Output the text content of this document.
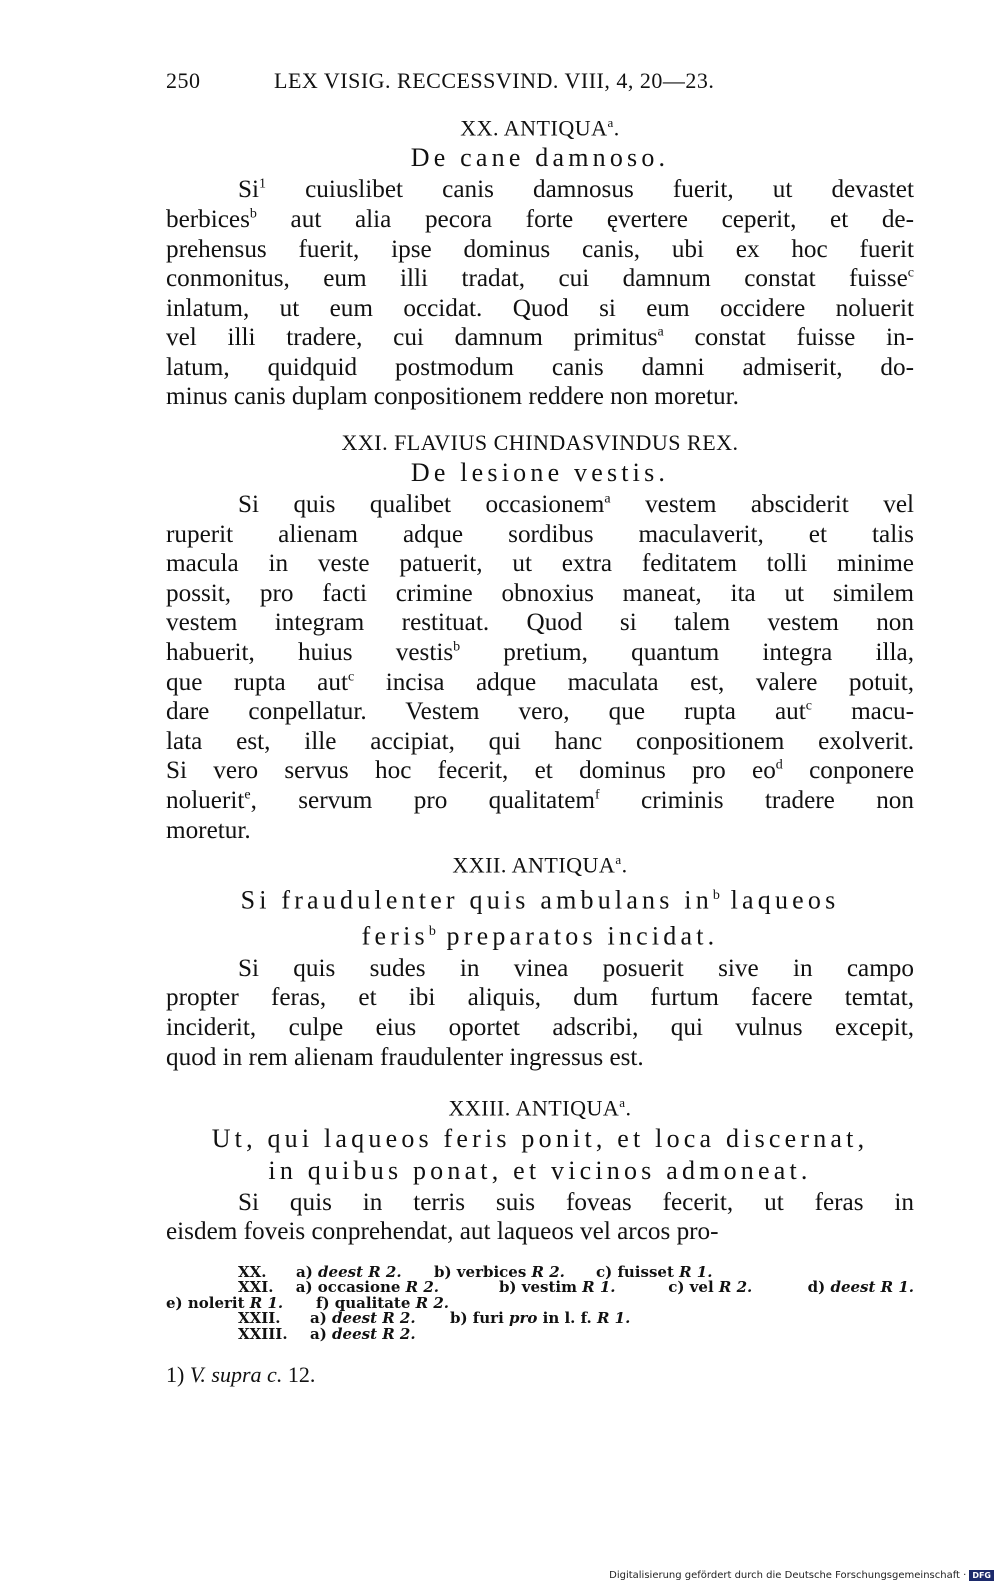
250	LEX VISIG. RECCESSVIND. VIII, 4, 20—23.
XX. ANTIQUA$^a$.
De cane damnoso.
Si$^1$ cuiuslibet canis damnosus fuerit, ut devastet
berbices$^b$ aut alia pecora forte ęvertere ceperit, et de-
prehensus fuerit, ipse dominus canis, ubi ex hoc fuerit
conmonitus, eum illi tradat, cui damnum constat fuisse$^c$
inlatum, ut eum occidat. Quod si eum occidere noluerit
vel illi tradere, cui damnum primitus$^a$ constat fuisse in-
latum, quidquid postmodum canis damni admiserit, do-
minus canis duplam conpositionem reddere non moretur.
XXI. FLAVIUS CHINDASVINDUS REX.
De lesione vestis.
Si quis qualibet occasionem$^a$ vestem absciderit vel
ruperit alienam adque sordibus maculaverit, et talis
macula in veste patuerit, ut extra feditatem tolli minime
possit, pro facti crimine obnoxius maneat, ita ut similem
vestem integram restituat. Quod si talem vestem non
habuerit, huius vestis$^b$ pretium, quantum integra illa,
que rupta aut$^c$ incisa adque maculata est, valere potuit,
dare conpellatur. Vestem vero, que rupta aut$^c$ macu-
lata est, ille accipiat, qui hanc conpositionem exolverit.
Si vero servus hoc fecerit, et dominus pro $eo^d$ conponere
noluerit$^e$, servum pro qualitatem$^f$ criminis tradere non
moretur.
XXII. ANTIQUA$^a$.
Si fraudulenter quis ambulans $in^b$ laqueos
feris$^b$ preparatos incidat.
Si quis sudes in vinea posuerit sive in campo
propter feras, et ibi aliquis, dum furtum facere temtat,
inciderit, culpe eius oportet adscribi, qui vulnus excepit,
quod in rem alienam fraudulenter ingressus est.
XXIII. ANTIQUA$^a$.
Ut, qui laqueos feris ponit, et loca discernat,
in quibus ponat, et vicinos admoneat.
Si quis in terris suis foveas fecerit, ut feras in
eisdem foveis conprehendat, aut laqueos vel arcos pro-
XX.	a) deest R 2.	b) verbices R 2.	c) fuisset R 1.
XXI.	a) occasione R 2.	b) vestim R 1.	c) vel R 2.	d) deest R 1.
e) nolerit R 1.	f) qualitate R 2.
XXII.	a) deest R 2.	b) furi pro in l. f. R 1.
XXIII.	a) deest R 2.
1) V. supra c. 12.
Digitalisierung gefördert durch die Deutsche Forschungsgemeinschaft · DFG
